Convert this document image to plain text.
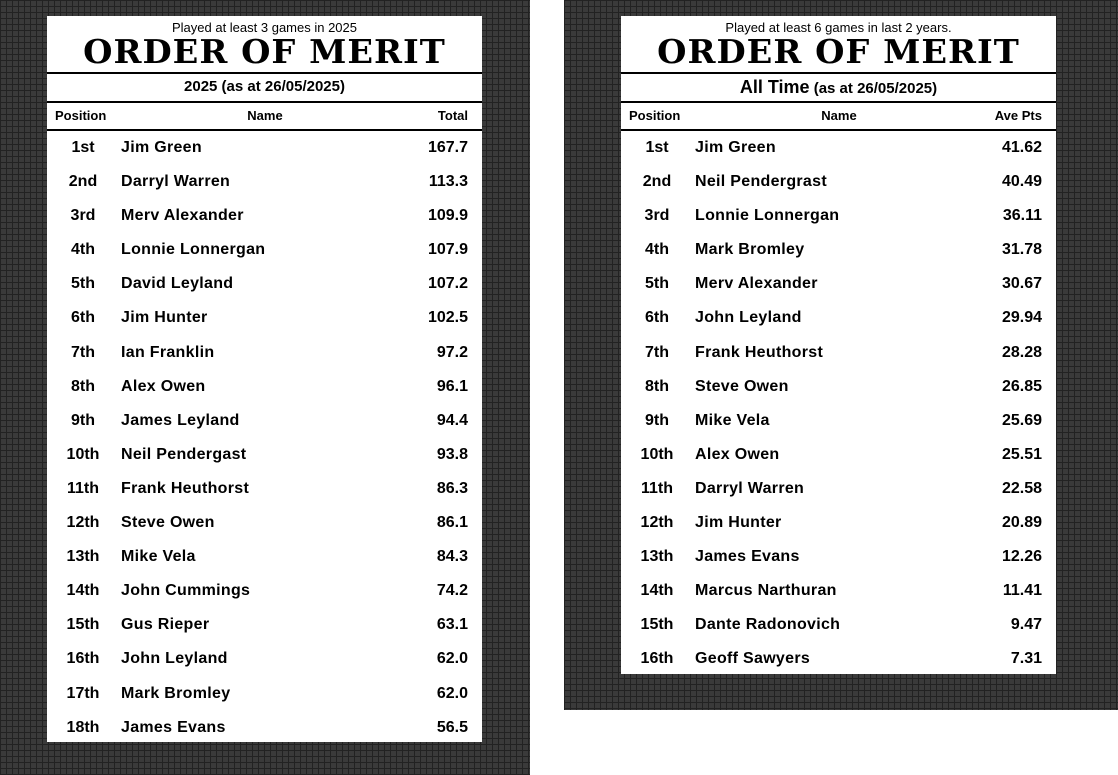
Played at least 3 games in 2025
ORDER OF MERIT
2025 (as at 26/05/2025)
Position	Name	Total
1st	Jim Green	167.7
2nd	Darryl Warren	113.3
3rd	Merv Alexander	109.9
4th	Lonnie Lonnergan	107.9
5th	David Leyland	107.2
6th	Jim Hunter	102.5
7th	Ian Franklin	97.2
8th	Alex Owen	96.1
9th	James Leyland	94.4
10th	Neil Pendergast	93.8
11th	Frank Heuthorst	86.3
12th	Steve Owen	86.1
13th	Mike Vela	84.3
14th	John Cummings	74.2
15th	Gus Rieper	63.1
16th	John Leyland	62.0
17th	Mark Bromley	62.0
18th	James Evans	56.5
Played at least 6 games in last 2 years.
ORDER OF MERIT
All Time (as at 26/05/2025)
Position	Name	Ave Pts
1st	Jim Green	41.62
2nd	Neil Pendergrast	40.49
3rd	Lonnie Lonnergan	36.11
4th	Mark Bromley	31.78
5th	Merv Alexander	30.67
6th	John Leyland	29.94
7th	Frank Heuthorst	28.28
8th	Steve Owen	26.85
9th	Mike Vela	25.69
10th	Alex Owen	25.51
11th	Darryl Warren	22.58
12th	Jim Hunter	20.89
13th	James Evans	12.26
14th	Marcus Narthuran	11.41
15th	Dante Radonovich	9.47
16th	Geoff Sawyers	7.31
